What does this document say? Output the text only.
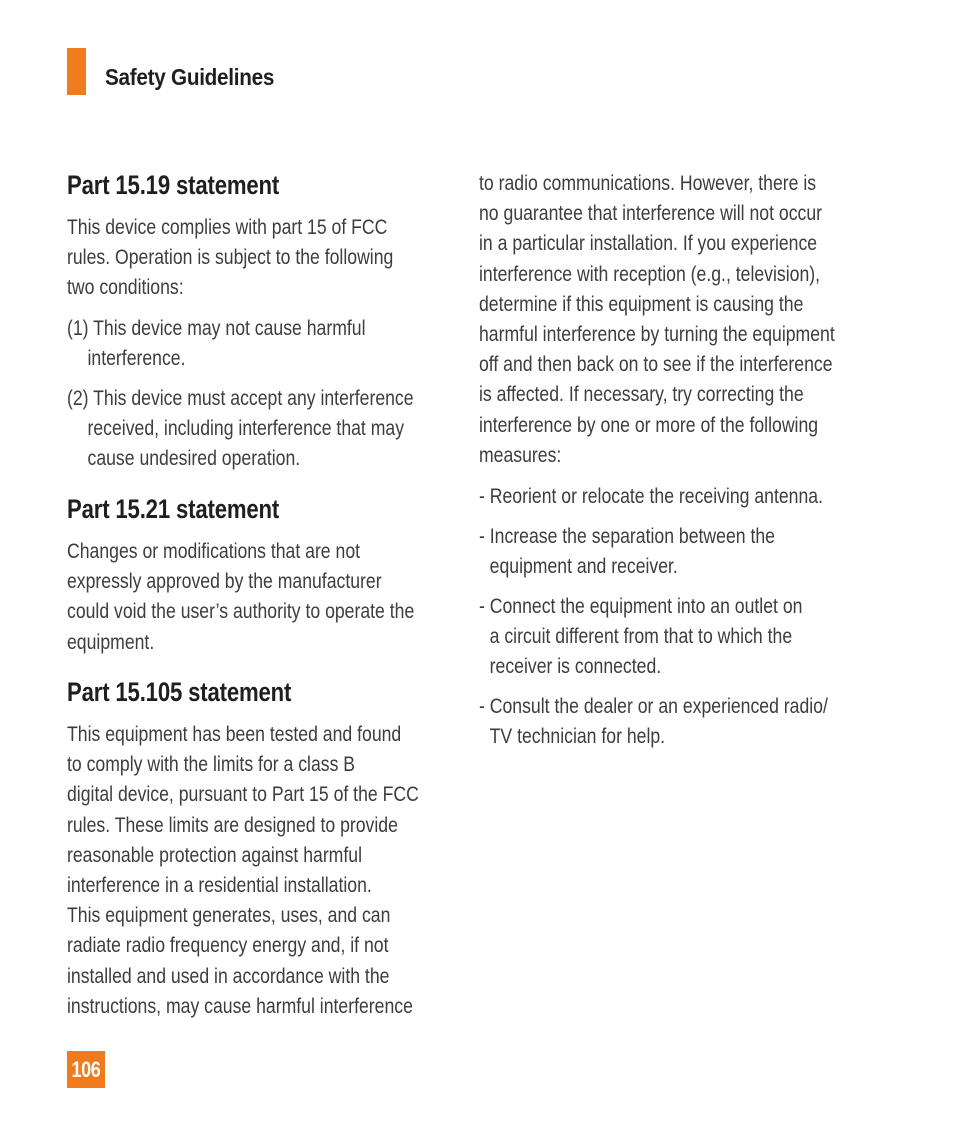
Safety Guidelines
Part 15.19 statement
This device complies with part 15 of FCC
rules. Operation is subject to the following
two conditions:
(1) This device may not cause harmful
interference.
(2) This device must accept any interference
received, including interference that may
cause undesired operation.
Part 15.21 statement
Changes or modifications that are not
expressly approved by the manufacturer
could void the user’s authority to operate the
equipment.
Part 15.105 statement
This equipment has been tested and found
to comply with the limits for a class B
digital device, pursuant to Part 15 of the FCC
rules. These limits are designed to provide
reasonable protection against harmful
interference in a residential installation.
This equipment generates, uses, and can
radiate radio frequency energy and, if not
installed and used in accordance with the
instructions, may cause harmful interference
to radio communications. However, there is
no guarantee that interference will not occur
in a particular installation. If you experience
interference with reception (e.g., television),
determine if this equipment is causing the
harmful interference by turning the equipment
off and then back on to see if the interference
is affected. If necessary, try correcting the
interference by one or more of the following
measures:
- Reorient or relocate the receiving antenna.
- Increase the separation between the
equipment and receiver.
- Connect the equipment into an outlet on
a circuit different from that to which the
receiver is connected.
- Consult the dealer or an experienced radio/
TV technician for help.
106
